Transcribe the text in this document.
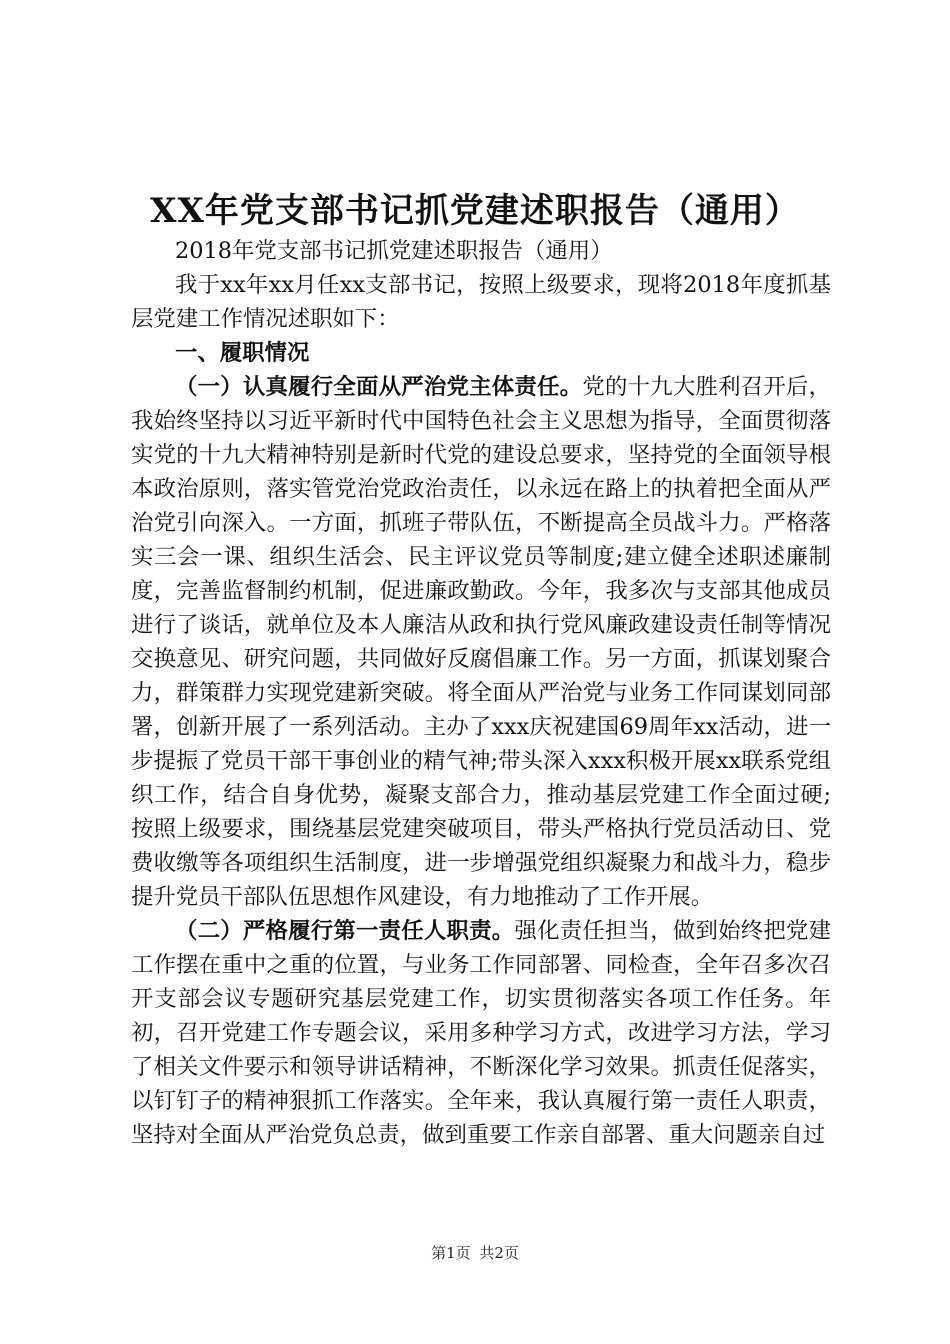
XX年党支部书记抓党建述职报告（通用）

2018年党支部书记抓党建述职报告（通用）

我于xx年xx月任xx支部书记，按照上级要求，现将2018年度抓基层党建工作情况述职如下：

一、履职情况

（一）认真履行全面从严治党主体责任。党的十九大胜利召开后，我始终坚持以习近平新时代中国特色社会主义思想为指导，全面贯彻落实党的十九大精神特别是新时代党的建设总要求，坚持党的全面领导根本政治原则，落实管党治党政治责任，以永远在路上的执着把全面从严治党引向深入。一方面，抓班子带队伍，不断提高全员战斗力。严格落实三会一课、组织生活会、民主评议党员等制度;建立健全述职述廉制度，完善监督制约机制，促进廉政勤政。今年，我多次与支部其他成员进行了谈话，就单位及本人廉洁从政和执行党风廉政建设责任制等情况交换意见、研究问题，共同做好反腐倡廉工作。另一方面，抓谋划聚合力，群策群力实现党建新突破。将全面从严治党与业务工作同谋划同部署，创新开展了一系列活动。主办了xxx庆祝建国69周年xx活动，进一步提振了党员干部干事创业的精气神;带头深入xxx积极开展xx联系党组织工作，结合自身优势，凝聚支部合力，推动基层党建工作全面过硬;按照上级要求，围绕基层党建突破项目，带头严格执行党员活动日、党费收缴等各项组织生活制度，进一步增强党组织凝聚力和战斗力，稳步提升党员干部队伍思想作风建设，有力地推动了工作开展。

（二）严格履行第一责任人职责。强化责任担当，做到始终把党建工作摆在重中之重的位置，与业务工作同部署、同检查，全年召多次召开支部会议专题研究基层党建工作，切实贯彻落实各项工作任务。年初，召开党建工作专题会议，采用多种学习方式，改进学习方法，学习了相关文件要示和领导讲话精神，不断深化学习效果。抓责任促落实，以钉钉子的精神狠抓工作落实。全年来，我认真履行第一责任人职责，坚持对全面从严治党负总责，做到重要工作亲自部署、重大问题亲自过

第1页 共2页
